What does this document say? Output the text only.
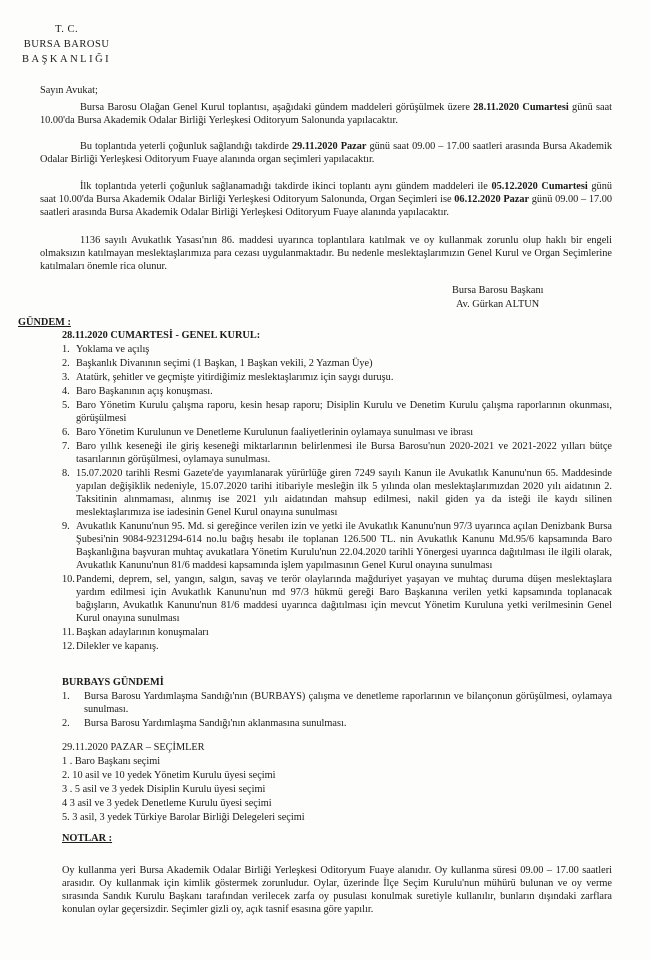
T. C.
BURSA BAROSU
BAŞKANLIĞI
Sayın Avukat;
Bursa Barosu Olağan Genel Kurul toplantısı, aşağıdaki gündem maddeleri görüşülmek üzere 28.11.2020 Cumartesi günü saat 10.00'da Bursa Akademik Odalar Birliği Yerleşkesi Oditoryum Salonunda yapılacaktır.
Bu toplantıda yeterli çoğunluk sağlandığı takdirde 29.11.2020 Pazar günü saat 09.00 – 17.00 saatleri arasında Bursa Akademik Odalar Birliği Yerleşkesi Oditoryum Fuaye alanında organ seçimleri yapılacaktır.
İlk toplantıda yeterli çoğunluk sağlanamadığı takdirde ikinci toplantı aynı gündem maddeleri ile 05.12.2020 Cumartesi günü saat 10.00'da Bursa Akademik Odalar Birliği Yerleşkesi Oditoryum Salonunda, Organ Seçimleri ise 06.12.2020 Pazar günü 09.00 – 17.00 saatleri arasında Bursa Akademik Odalar Birliği Yerleşkesi Oditoryum Fuaye alanında yapılacaktır.
1136 sayılı Avukatlık Yasası'nın 86. maddesi uyarınca toplantılara katılmak ve oy kullanmak zorunlu olup haklı bir engeli olmaksızın katılmayan meslektaşlarımıza para cezası uygulanmaktadır. Bu nedenle meslektaşlarımızın Genel Kurul ve Organ Seçimlerine katılmaları önemle rica olunur.
Bursa Barosu Başkanı
Av. Gürkan ALTUN
GÜNDEM :
28.11.2020 CUMARTESİ - GENEL KURUL:
1. Yoklama ve açılış
2. Başkanlık Divanının seçimi (1 Başkan, 1 Başkan vekili, 2 Yazman Üye)
3. Atatürk, şehitler ve geçmişte yitirdiğimiz meslektaşlarımız için saygı duruşu.
4. Baro Başkanının açış konuşması.
5. Baro Yönetim Kurulu çalışma raporu, kesin hesap raporu; Disiplin Kurulu ve Denetim Kurulu çalışma raporlarının okunması, görüşülmesi
6. Baro Yönetim Kurulunun ve Denetleme Kurulunun faaliyetlerinin oylamaya sunulması ve ibrası
7. Baro yıllık keseneği ile giriş keseneği miktarlarının belirlenmesi ile Bursa Barosu'nun 2020-2021 ve 2021-2022 yılları bütçe tasarılarının görüşülmesi, oylamaya sunulması.
8. 15.07.2020 tarihli Resmi Gazete'de yayımlanarak yürürlüğe giren 7249 sayılı Kanun ile Avukatlık Kanunu'nun 65. Maddesinde yapılan değişiklik nedeniyle, 15.07.2020 tarihi itibariyle mesleğin ilk 5 yılında olan meslektaşlarımızdan 2020 yılı aidatının 2. Taksitinin alınmaması, alınmış ise 2021 yılı aidatından mahsup edilmesi, nakil giden ya da isteği ile kaydı silinen meslektaşlarımıza ise iadesinin Genel Kurul onayına sunulması
9. Avukatlık Kanunu'nun 95. Md. si gereğince verilen izin ve yetki ile Avukatlık Kanunu'nun 97/3 uyarınca açılan Denizbank Bursa Şubesi'nin 9084-9231294-614 no.lu bağış hesabı ile toplanan 126.500 TL. nin Avukatlık Kanunu Md.95/6 kapsamında Baro Başkanlığına başvuran muhtaç avukatlara Yönetim Kurulu'nun 22.04.2020 tarihli Yönergesi uyarınca dağıtılması ile ilgili olarak, Avukatlık Kanunu'nun 81/6 maddesi kapsamında işlem yapılmasının Genel Kurul onayına sunulması
10. Pandemi, deprem, sel, yangın, salgın, savaş ve terör olaylarında mağduriyet yaşayan ve muhtaç duruma düşen meslektaşlara yardım edilmesi için Avukatlık Kanunu'nun md 97/3 hükmü gereği Baro Başkanına verilen yetki kapsamında toplanacak bağışların, Avukatlık Kanunu'nun 81/6 maddesi uyarınca dağıtılması için mevcut Yönetim Kuruluna yetki verilmesinin Genel Kurul onayına sunulması
11. Başkan adaylarının konuşmaları
12. Dilekler ve kapanış.
BURBAYS GÜNDEMİ
1.	Bursa Barosu Yardımlaşma Sandığı'nın (BURBAYS) çalışma ve denetleme raporlarının ve bilançonun görüşülmesi, oylamaya sunulması.
2.	Bursa Barosu Yardımlaşma Sandığı'nın aklanmasına sunulması.
29.11.2020 PAZAR – SEÇİMLER
1 . Baro Başkanı seçimi
2. 10 asil ve 10 yedek Yönetim Kurulu üyesi seçimi
3 . 5 asil ve 3 yedek Disiplin Kurulu üyesi seçimi
4 3 asil ve 3 yedek Denetleme Kurulu üyesi seçimi
5. 3 asil, 3 yedek Türkiye Barolar Birliği Delegeleri seçimi
NOTLAR :
Oy kullanma yeri Bursa Akademik Odalar Birliği Yerleşkesi Oditoryum Fuaye alanıdır. Oy kullanma süresi 09.00 – 17.00 saatleri arasıdır. Oy kullanmak için kimlik göstermek zorunludur. Oylar, üzerinde İlçe Seçim Kurulu'nun mühürü bulunan ve oy verme sırasında Sandık Kurulu Başkanı tarafından verilecek zarfa oy pusulası konulmak suretiyle kullanılır, bunların dışındaki zarflara konulan oylar geçersizdir. Seçimler gizli oy, açık tasnif esasına göre yapılır.
